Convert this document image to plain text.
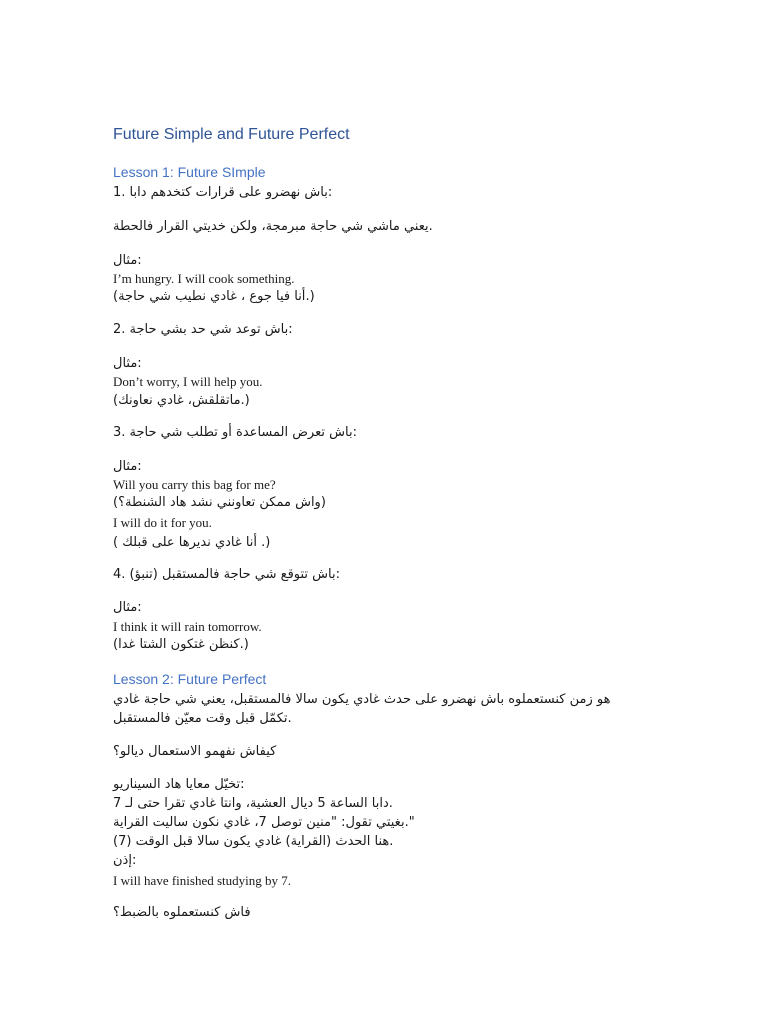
Future Simple and Future Perfect
Lesson 1: Future SImple
1. باش نهضرو على قرارات كتخدهم دابا:
يعني ماشي شي حاجة مبرمجة، ولكن خديتي القرار فالحطة.
مثال:
I’m hungry. I will cook something.
(أنا فيا جوع ، غادي نطيب شي حاجة.)
2. باش توعد شي حد بشي حاجة:
مثال:
Don’t worry, I will help you.
(ماتقلقش، غادي نعاونك.)
3. باش تعرض المساعدة أو تطلب شي حاجة:
مثال:
Will you carry this bag for me?
(واش ممكن تعاونني نشد هاد الشنطة؟)
I will do it for you.
( أنا غادي نديرها على قبلك .)
4. باش تتوقع شي حاجة فالمستقبل (تنبؤ):
مثال:
I think it will rain tomorrow.
(كنظن غتكون الشتا غدا.)
Lesson 2: Future Perfect
هو زمن كنستعملوه باش نهضرو على حدث غادي يكون سالا فالمستقبل، يعني شي حاجة غادي
تكمّل قبل وقت معيّن فالمستقبل.
كيفاش نفهمو الاستعمال ديالو؟
تخيّل معايا هاد السيناريو:
دابا الساعة 5 ديال العشية، وانتا غادي تقرا حتى لـ 7.
بغيتي تقول: "منين توصل 7، غادي نكون ساليت القراية."
هنا الحدث (القراية) غادي يكون سالا قبل الوقت (7).
إذن:
I will have finished studying by 7.
فاش كنستعملوه بالضبط؟
